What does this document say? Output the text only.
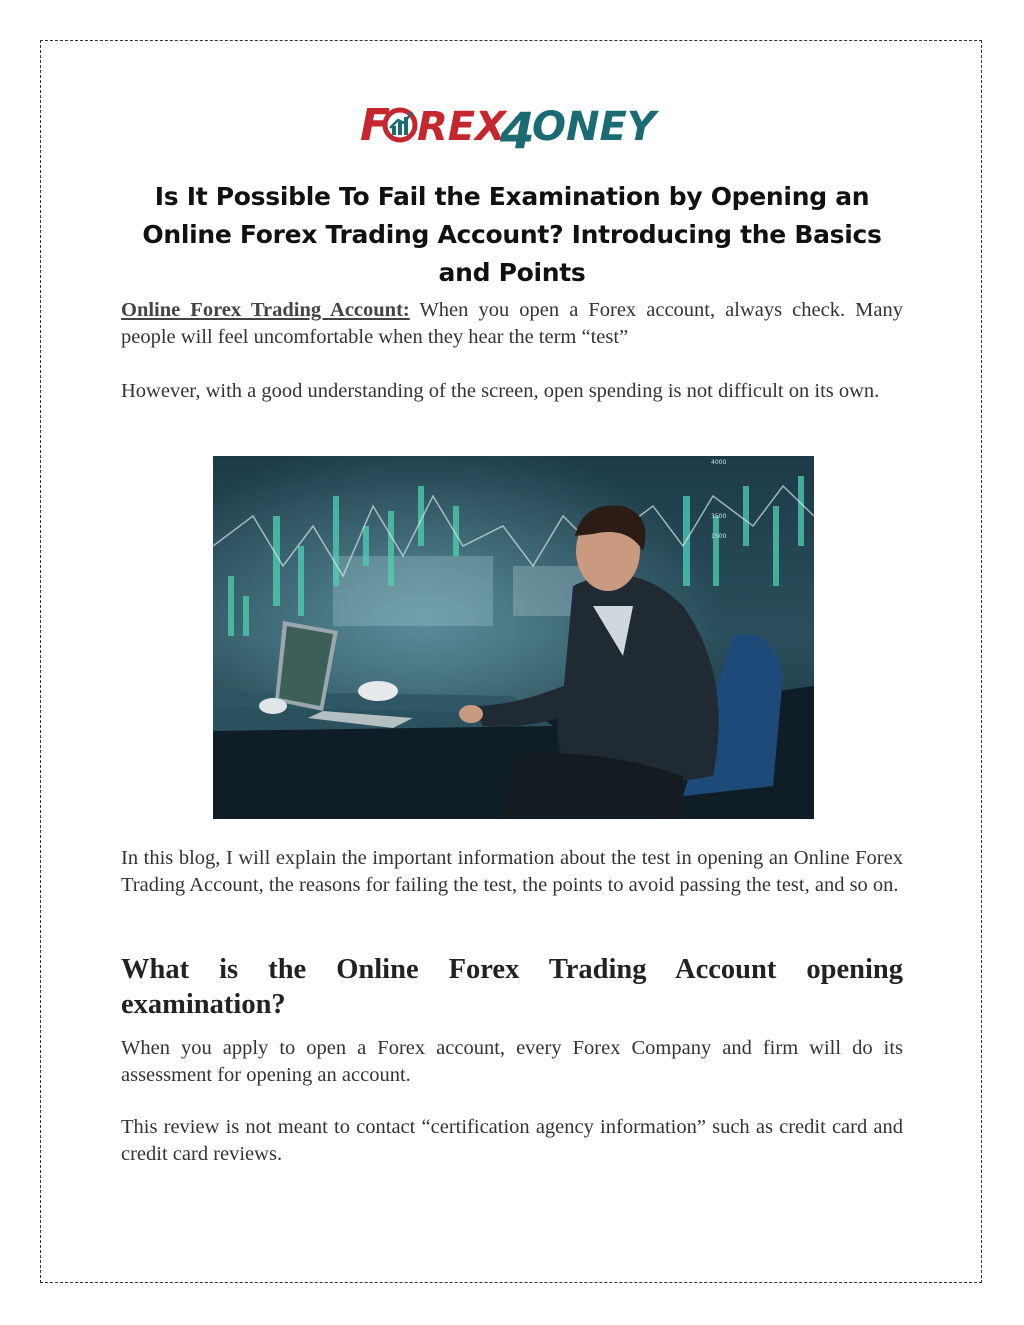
F REX
4
ONEY
Is It Possible To Fail the Examination by Opening an Online Forex Trading Account? Introducing the Basics and Points
Online Forex Trading Account: When you open a Forex account, always check. Many people will feel uncomfortable when they hear the term “test”
However, with a good understanding of the screen, open spending is not difficult on its own.
4000
3500
1500
In this blog, I will explain the important information about the test in opening an Online Forex Trading Account, the reasons for failing the test, the points to avoid passing the test, and so on.
What is the Online Forex Trading Account opening examination?
When you apply to open a Forex account, every Forex Company and firm will do its assessment for opening an account.
This review is not meant to contact “certification agency information” such as credit card and credit card reviews.
